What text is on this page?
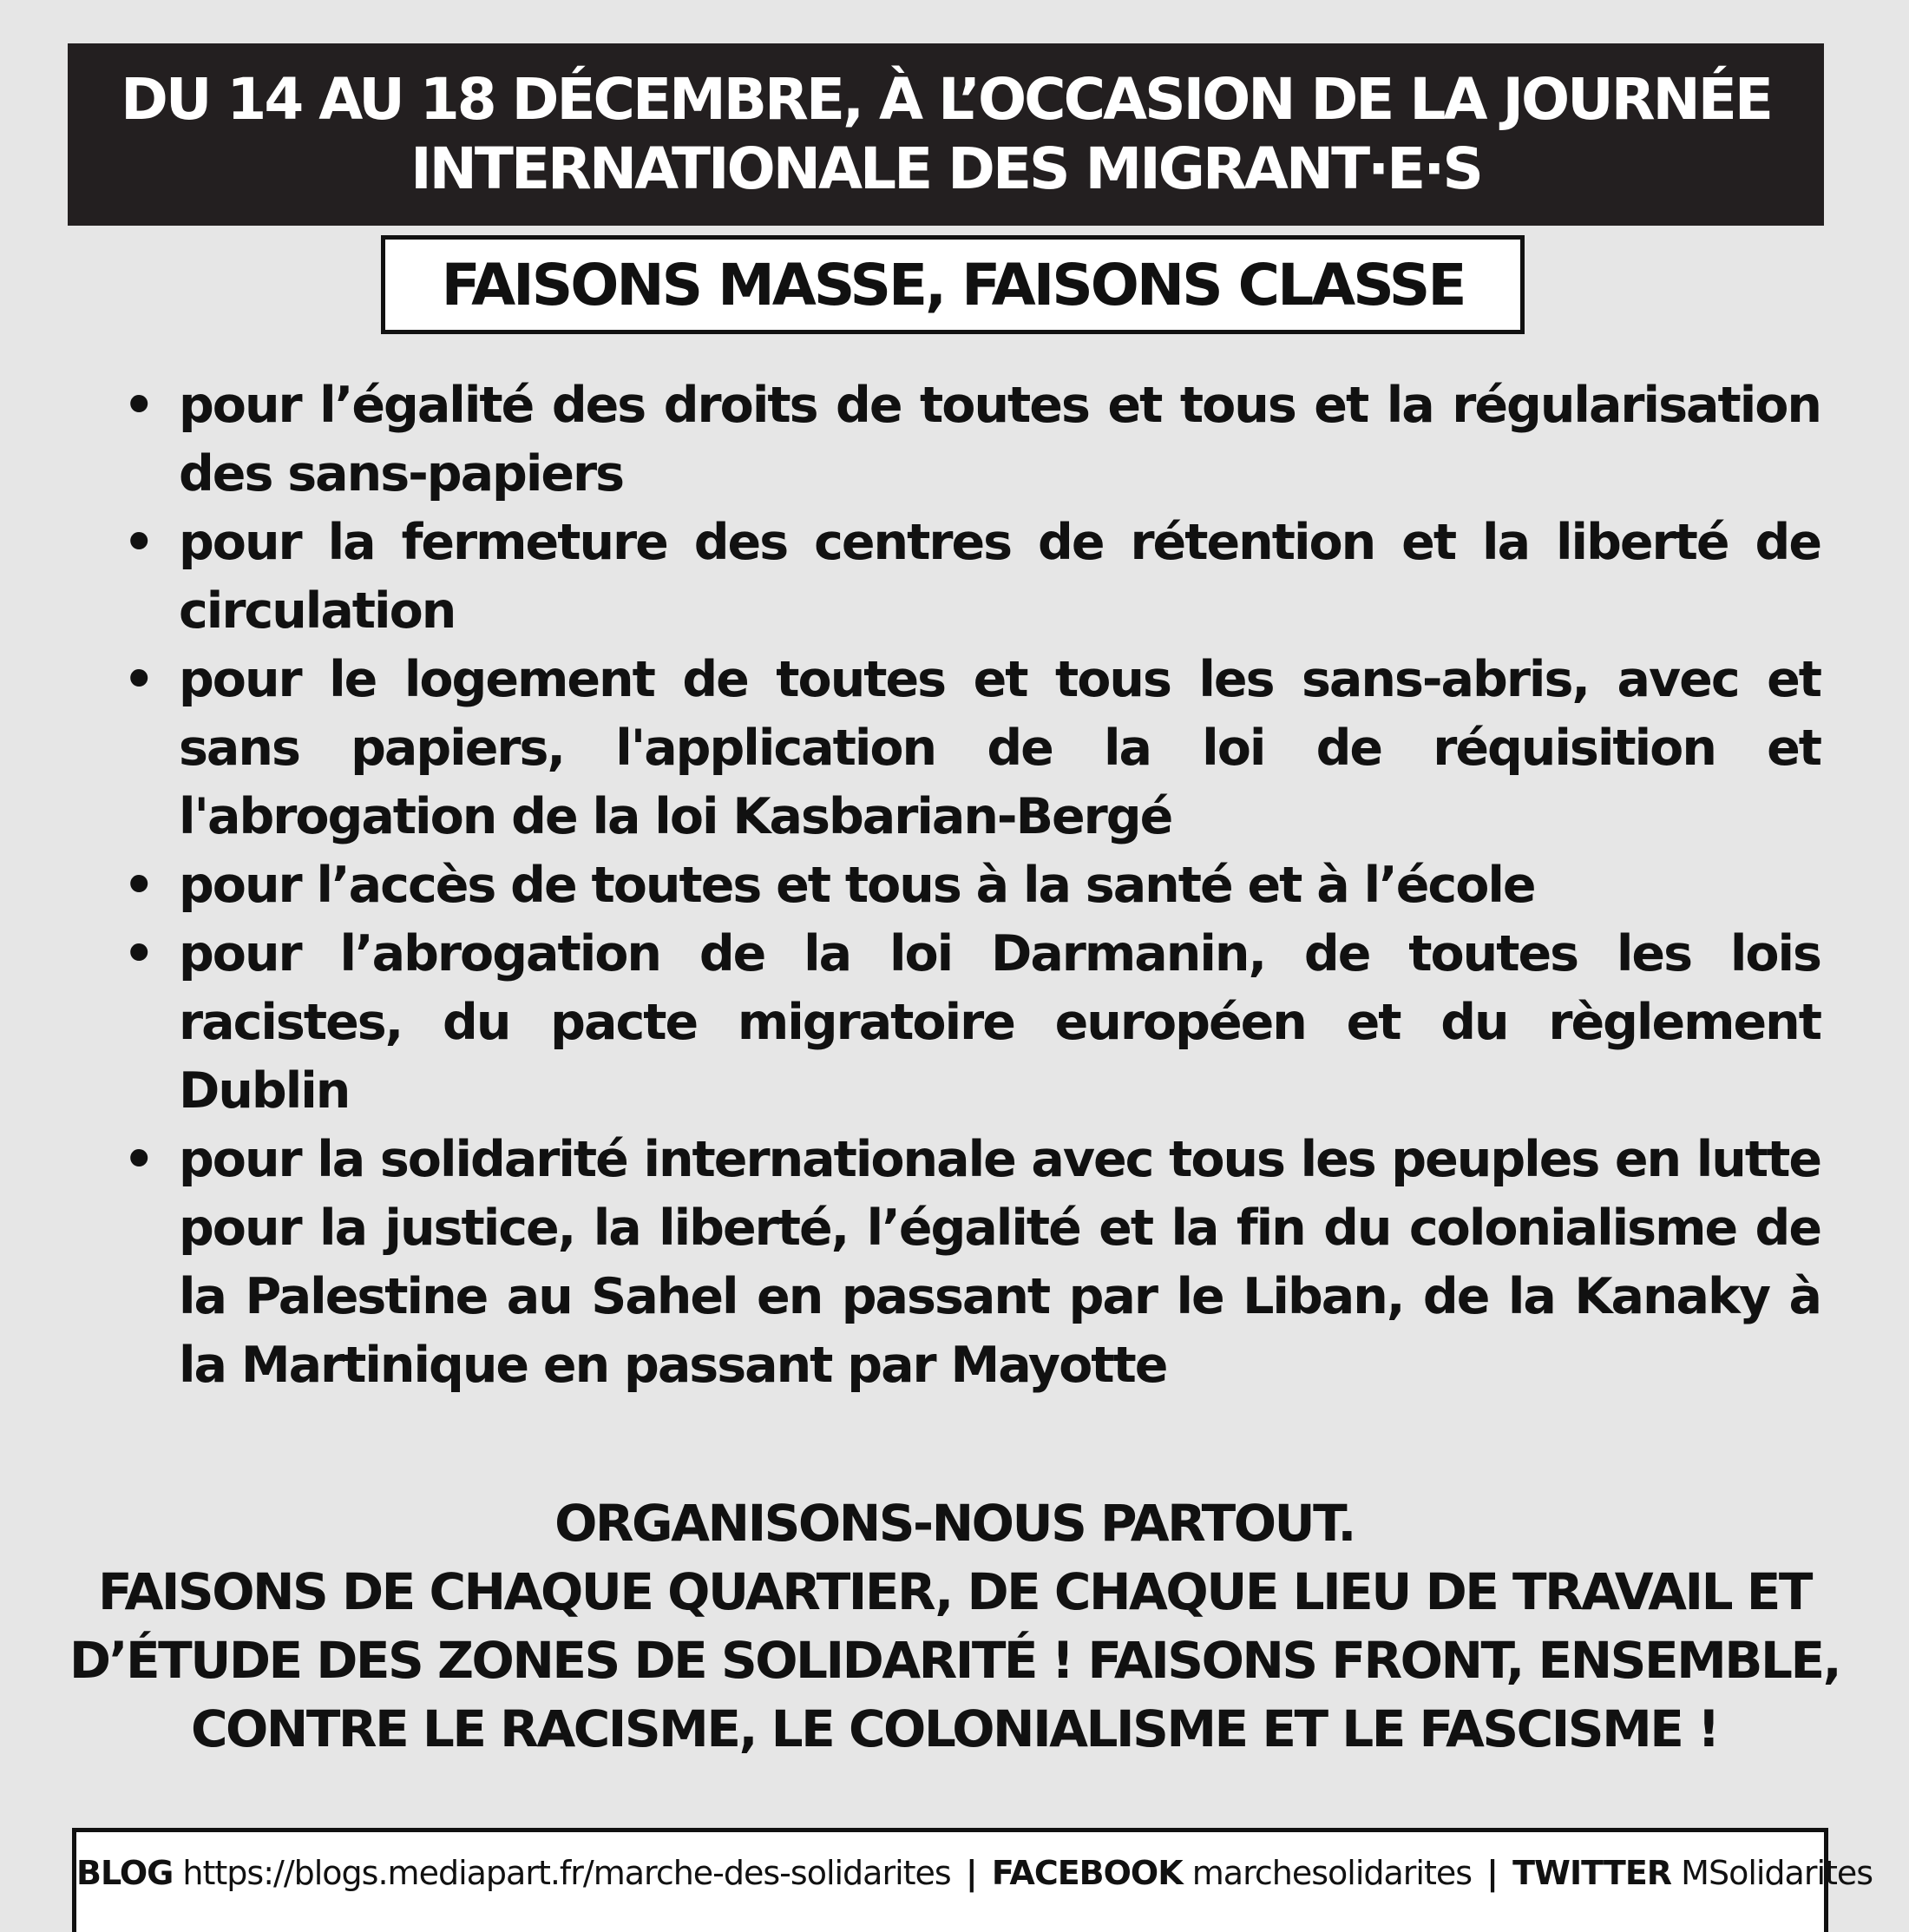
DU 14 AU 18 DÉCEMBRE, À L’OCCASION DE LA JOURNÉE
INTERNATIONALE DES MIGRANT·E·S
FAISONS MASSE, FAISONS CLASSE
• pour l’égalité des droits de toutes et tous et la régularisation des sans-papiers
• pour la fermeture des centres de rétention et la liberté de circulation
• pour le logement de toutes et tous les sans-abris, avec et sans papiers, l'application de la loi de réquisition et l'abrogation de la loi Kasbarian-Bergé
• pour l’accès de toutes et tous à la santé et à l’école
• pour l’abrogation de la loi Darmanin, de toutes les lois racistes, du pacte migratoire européen et du règlement Dublin
• pour la solidarité internationale avec tous les peuples en lutte pour la justice, la liberté, l’égalité et la fin du colonialisme de la Palestine au Sahel en passant par le Liban, de la Kanaky à la Martinique en passant par Mayotte
ORGANISONS-NOUS PARTOUT.
FAISONS DE CHAQUE QUARTIER, DE CHAQUE LIEU DE TRAVAIL ET
D’ÉTUDE DES ZONES DE SOLIDARITÉ ! FAISONS FRONT, ENSEMBLE,
CONTRE LE RACISME, LE COLONIALISME ET LE FASCISME !
BLOG https://blogs.mediapart.fr/marche-des-solidarites | FACEBOOK marchesolidarites | TWITTER MSolidarites
